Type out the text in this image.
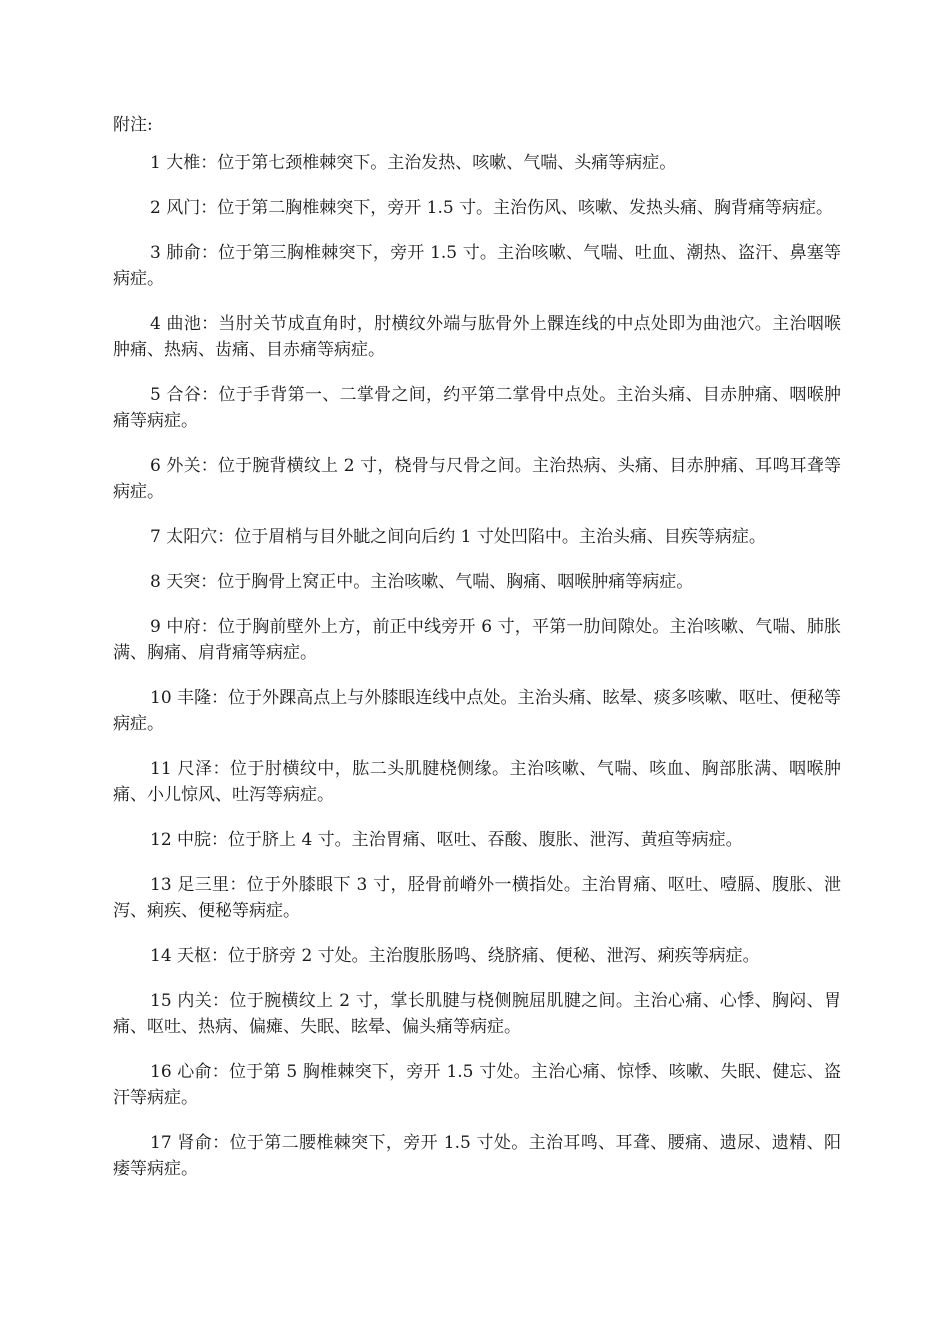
附注:

1 大椎：位于第七颈椎棘突下。主治发热、咳嗽、气喘、头痛等病症。

2 风门：位于第二胸椎棘突下，旁开 1.5 寸。主治伤风、咳嗽、发热头痛、胸背痛等病症。

3 肺俞：位于第三胸椎棘突下，旁开 1.5 寸。主治咳嗽、气喘、吐血、潮热、盗汗、鼻塞等病症。

4 曲池：当肘关节成直角时，肘横纹外端与肱骨外上髁连线的中点处即为曲池穴。主治咽喉肿痛、热病、齿痛、目赤痛等病症。

5 合谷：位于手背第一、二掌骨之间，约平第二掌骨中点处。主治头痛、目赤肿痛、咽喉肿痛等病症。

6 外关：位于腕背横纹上 2 寸，桡骨与尺骨之间。主治热病、头痛、目赤肿痛、耳鸣耳聋等病症。

7 太阳穴：位于眉梢与目外眦之间向后约 1 寸处凹陷中。主治头痛、目疾等病症。

8 天突：位于胸骨上窝正中。主治咳嗽、气喘、胸痛、咽喉肿痛等病症。

9 中府：位于胸前壁外上方，前正中线旁开 6 寸，平第一肋间隙处。主治咳嗽、气喘、肺胀满、胸痛、肩背痛等病症。

10 丰隆：位于外踝高点上与外膝眼连线中点处。主治头痛、眩晕、痰多咳嗽、呕吐、便秘等病症。

11 尺泽：位于肘横纹中，肱二头肌腱桡侧缘。主治咳嗽、气喘、咳血、胸部胀满、咽喉肿痛、小儿惊风、吐泻等病症。

12 中脘：位于脐上 4 寸。主治胃痛、呕吐、吞酸、腹胀、泄泻、黄疸等病症。

13 足三里：位于外膝眼下 3 寸，胫骨前嵴外一横指处。主治胃痛、呕吐、噎膈、腹胀、泄泻、痢疾、便秘等病症。

14 天枢：位于脐旁 2 寸处。主治腹胀肠鸣、绕脐痛、便秘、泄泻、痢疾等病症。

15 内关：位于腕横纹上 2 寸，掌长肌腱与桡侧腕屈肌腱之间。主治心痛、心悸、胸闷、胃痛、呕吐、热病、偏瘫、失眠、眩晕、偏头痛等病症。

16 心俞：位于第 5 胸椎棘突下，旁开 1.5 寸处。主治心痛、惊悸、咳嗽、失眠、健忘、盗汗等病症。

17 肾俞：位于第二腰椎棘突下，旁开 1.5 寸处。主治耳鸣、耳聋、腰痛、遗尿、遗精、阳痿等病症。
